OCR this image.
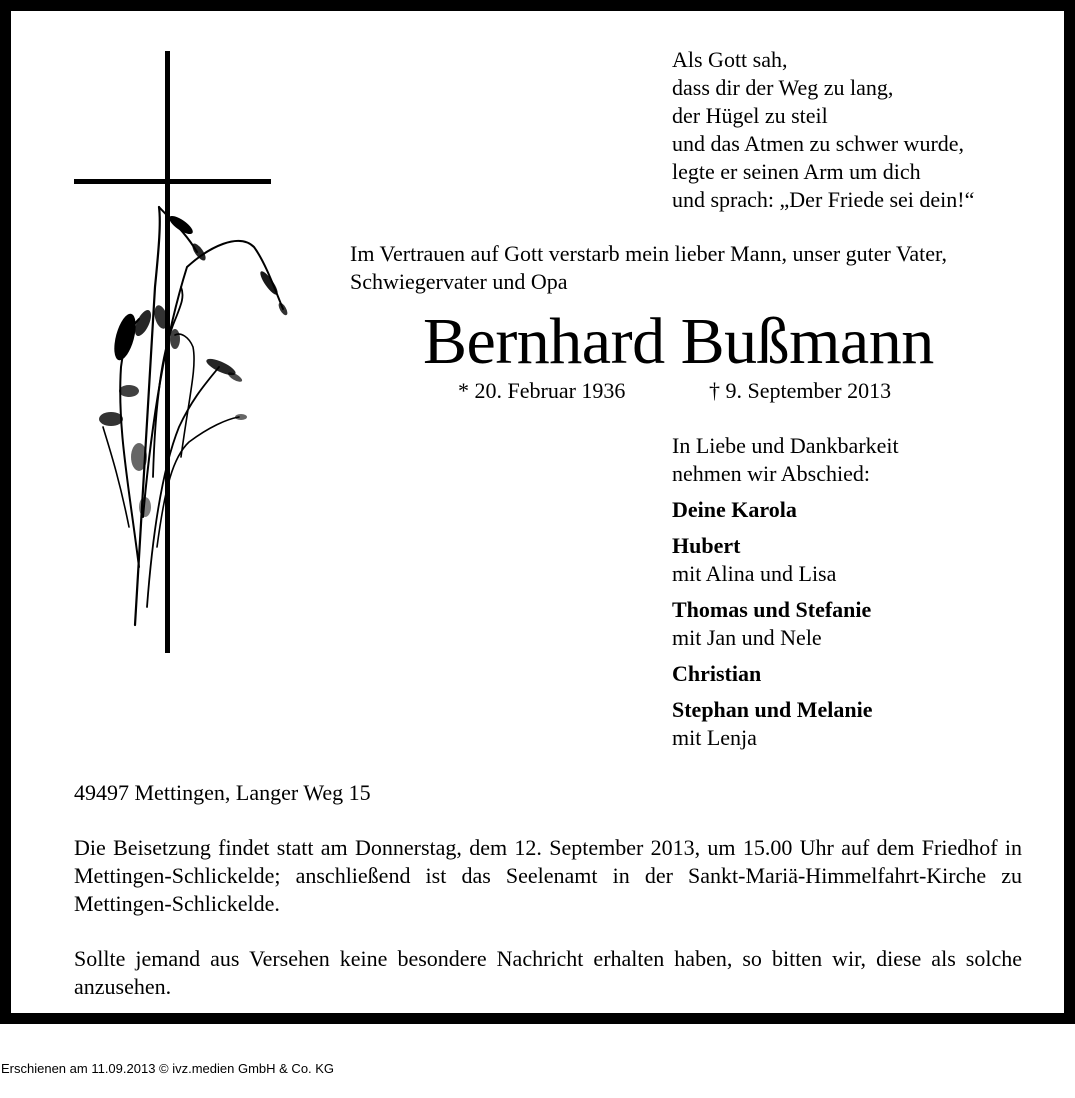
Als Gott sah,
dass dir der Weg zu lang,
der Hügel zu steil
und das Atmen zu schwer wurde,
legte er seinen Arm um dich
und sprach: „Der Friede sei dein!“
Im Vertrauen auf Gott verstarb mein lieber Mann, unser guter Vater,
Schwiegervater und Opa
Bernhard Bußmann
* 20. Februar 1936	† 9. September 2013
In Liebe und Dankbarkeit
nehmen wir Abschied:
Deine Karola
Hubert
mit Alina und Lisa
Thomas und Stefanie
mit Jan und Nele
Christian
Stephan und Melanie
mit Lenja
49497 Mettingen, Langer Weg 15
Die Beisetzung findet statt am Donnerstag, dem 12. September 2013, um 15.00 Uhr auf dem Friedhof in Mettingen-Schlickelde; anschließend ist das Seelenamt in der Sankt-Mariä-Himmelfahrt-Kirche zu Mettingen-Schlickelde.
Sollte jemand aus Versehen keine besondere Nachricht erhalten haben, so bitten wir, diese als solche anzusehen.
Erschienen am 11.09.2013 © ivz.medien GmbH & Co. KG
